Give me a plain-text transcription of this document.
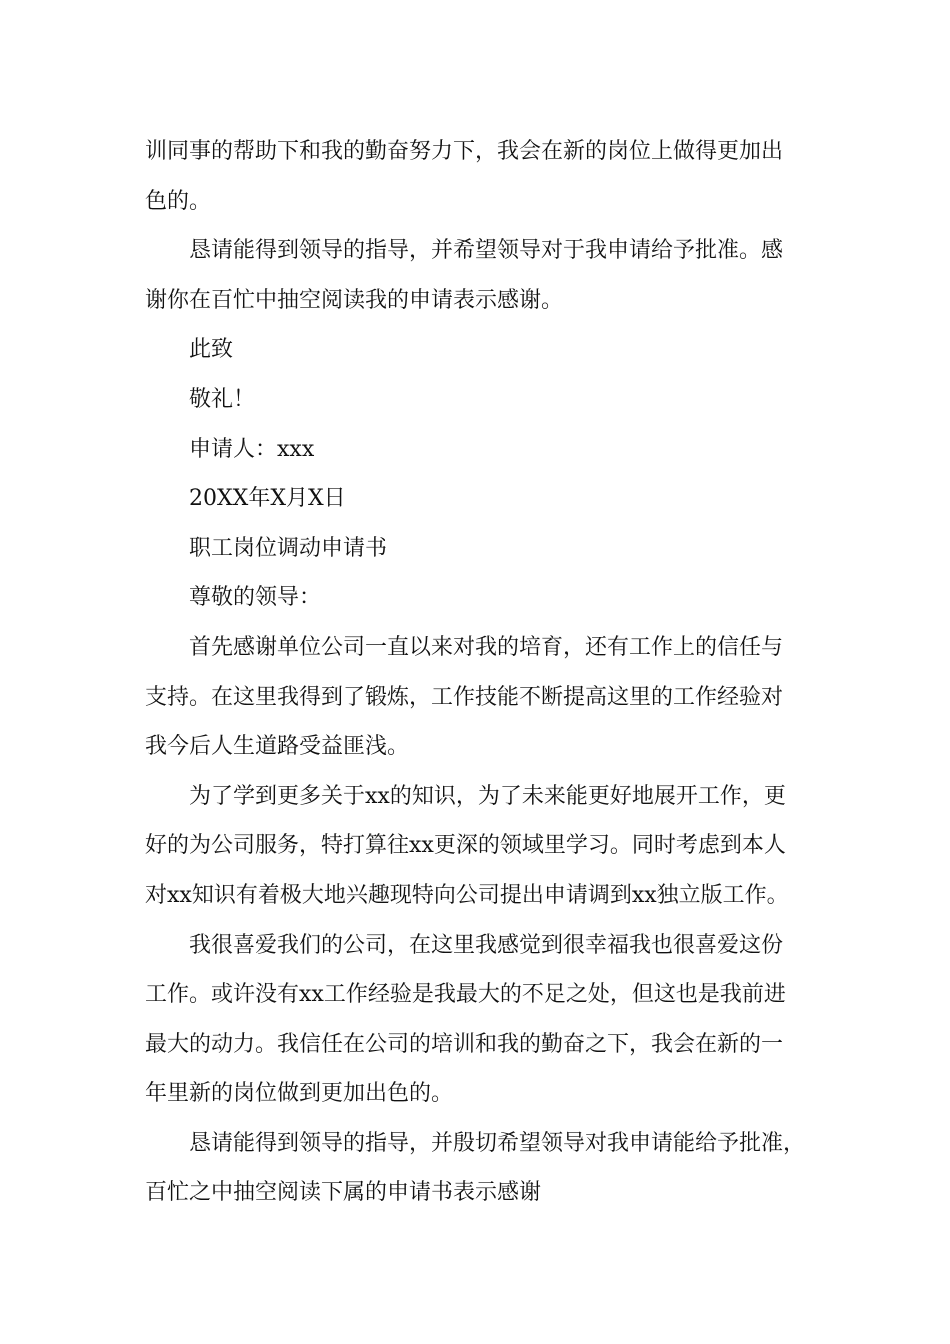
训同事的帮助下和我的勤奋努力下，我会在新的岗位上做得更加出
色的。

恳请能得到领导的指导，并希望领导对于我申请给予批准。感
谢你在百忙中抽空阅读我的申请表示感谢。

此致

敬礼！

申请人：xxx

20XX年X月X日

职工岗位调动申请书

尊敬的领导：

首先感谢单位公司一直以来对我的培育，还有工作上的信任与
支持。在这里我得到了锻炼，工作技能不断提高这里的工作经验对
我今后人生道路受益匪浅。

为了学到更多关于xx的知识，为了未来能更好地展开工作，更
好的为公司服务，特打算往xx更深的领域里学习。同时考虑到本人
对xx知识有着极大地兴趣现特向公司提出申请调到xx独立版工作。

我很喜爱我们的公司，在这里我感觉到很幸福我也很喜爱这份
工作。或许没有xx工作经验是我最大的不足之处，但这也是我前进
最大的动力。我信任在公司的培训和我的勤奋之下，我会在新的一
年里新的岗位做到更加出色的。

恳请能得到领导的指导，并殷切希望领导对我申请能给予批准，
百忙之中抽空阅读下属的申请书表示感谢
